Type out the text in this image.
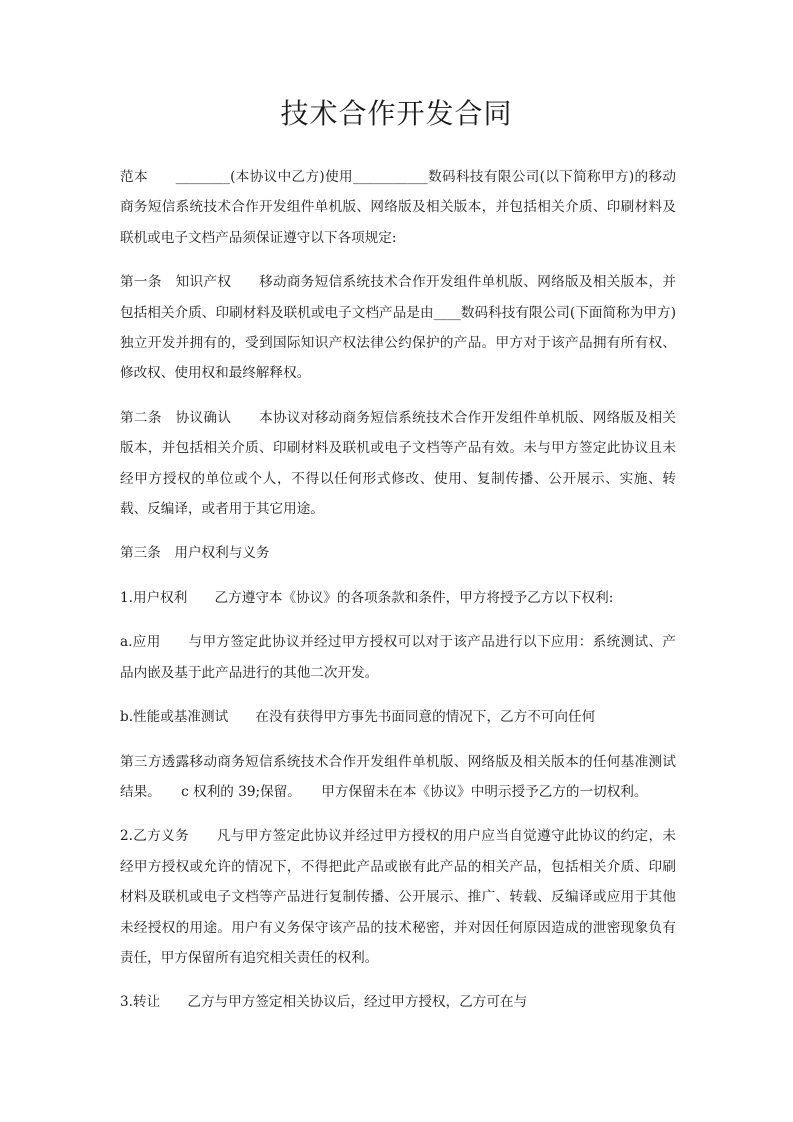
技术合作开发合同

范本　　________(本协议中乙方)使用___________数码科技有限公司(以下简称甲方)的移动商务短信系统技术合作开发组件单机版、网络版及相关版本，并包括相关介质、印刷材料及联机或电子文档产品须保证遵守以下各项规定:

第一条　知识产权　　移动商务短信系统技术合作开发组件单机版、网络版及相关版本，并包括相关介质、印刷材料及联机或电子文档产品是由____数码科技有限公司(下面简称为甲方)独立开发并拥有的，受到国际知识产权法律公约保护的产品。甲方对于该产品拥有所有权、修改权、使用权和最终解释权。

第二条　协议确认　　本协议对移动商务短信系统技术合作开发组件单机版、网络版及相关版本，并包括相关介质、印刷材料及联机或电子文档等产品有效。未与甲方签定此协议且未经甲方授权的单位或个人，不得以任何形式修改、使用、复制传播、公开展示、实施、转载、反编译，或者用于其它用途。

第三条　用户权利与义务

1.用户权利　　乙方遵守本《协议》的各项条款和条件，甲方将授予乙方以下权利:

a.应用　　与甲方签定此协议并经过甲方授权可以对于该产品进行以下应用：系统测试、产品内嵌及基于此产品进行的其他二次开发。

b.性能或基准测试　　在没有获得甲方事先书面同意的情况下，乙方不可向任何

第三方透露移动商务短信系统技术合作开发组件单机版、网络版及相关版本的任何基准测试结果。　　c 权利的 39;保留。　　甲方保留未在本《协议》中明示授予乙方的一切权利。

2.乙方义务　　凡与甲方签定此协议并经过甲方授权的用户应当自觉遵守此协议的约定，未经甲方授权或允许的情况下，不得把此产品或嵌有此产品的相关产品，包括相关介质、印刷材料及联机或电子文档等产品进行复制传播、公开展示、推广、转载、反编译或应用于其他未经授权的用途。用户有义务保守该产品的技术秘密，并对因任何原因造成的泄密现象负有责任，甲方保留所有追究相关责任的权利。

3.转让　　乙方与甲方签定相关协议后，经过甲方授权，乙方可在与
